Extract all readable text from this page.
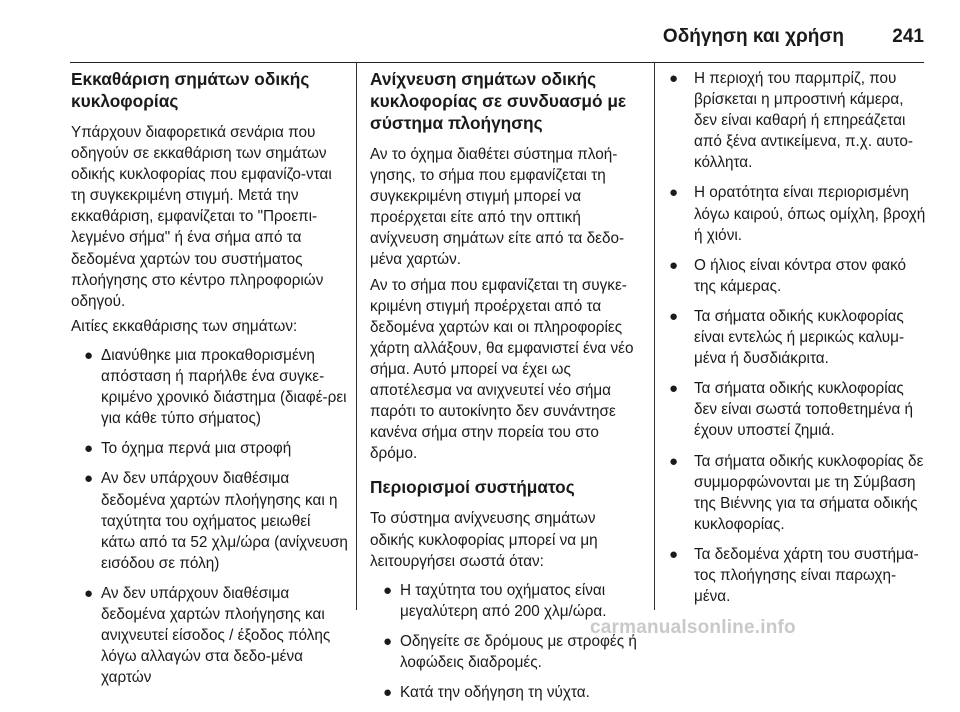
Οδήγηση και χρήση	241
Εκκαθάριση σημάτων οδικής κυκλοφορίας

Υπάρχουν διαφορετικά σενάρια που οδηγούν σε εκκαθάριση των σημάτων οδικής κυκλοφορίας που εμφανίζο-νται τη συγκεκριμένη στιγμή. Μετά την εκκαθάριση, εμφανίζεται το "Προεπι-λεγμένο σήμα" ή ένα σήμα από τα δεδομένα χαρτών του συστήματος πλοήγησης στο κέντρο πληροφοριών οδηγού.

Αιτίες εκκαθάρισης των σημάτων:

● Διανύθηκε μια προκαθορισμένη απόσταση ή παρήλθε ένα συγκε-κριμένο χρονικό διάστημα (διαφέ-ρει για κάθε τύπο σήματος)
● Το όχημα περνά μια στροφή
● Αν δεν υπάρχουν διαθέσιμα δεδομένα χαρτών πλοήγησης και η ταχύτητα του οχήματος μειωθεί κάτω από τα 52 χλμ/ώρα (ανίχνευση εισόδου σε πόλη)
● Αν δεν υπάρχουν διαθέσιμα δεδομένα χαρτών πλοήγησης και ανιχνευτεί είσοδος / έξοδος πόλης λόγω αλλαγών στα δεδο-μένα χαρτών
Ανίχνευση σημάτων οδικής κυκλοφορίας σε συνδυασμό με σύστημα πλοήγησης

Αν το όχημα διαθέτει σύστημα πλοή-γησης, το σήμα που εμφανίζεται τη συγκεκριμένη στιγμή μπορεί να προέρχεται είτε από την οπτική ανίχνευση σημάτων είτε από τα δεδο-μένα χαρτών.

Αν το σήμα που εμφανίζεται τη συγκε-κριμένη στιγμή προέρχεται από τα δεδομένα χαρτών και οι πληροφορίες χάρτη αλλάξουν, θα εμφανιστεί ένα νέο σήμα. Αυτό μπορεί να έχει ως αποτέλεσμα να ανιχνευτεί νέο σήμα παρότι το αυτοκίνητο δεν συνάντησε κανένα σήμα στην πορεία του στο δρόμο.

Περιορισμοί συστήματος

Το σύστημα ανίχνευσης σημάτων οδικής κυκλοφορίας μπορεί να μη λειτουργήσει σωστά όταν:

● Η ταχύτητα του οχήματος είναι μεγαλύτερη από 200 χλμ/ώρα.
● Οδηγείτε σε δρόμους με στροφές ή λοφώδεις διαδρομές.
● Κατά την οδήγηση τη νύχτα.
● Η περιοχή του παρμπρίζ, που βρίσκεται η μπροστινή κάμερα, δεν είναι καθαρή ή επηρεάζεται από ξένα αντικείμενα, π.χ. αυτο-κόλλητα.
● Η ορατότητα είναι περιορισμένη λόγω καιρού, όπως ομίχλη, βροχή ή χιόνι.
● Ο ήλιος είναι κόντρα στον φακό της κάμερας.
● Τα σήματα οδικής κυκλοφορίας είναι εντελώς ή μερικώς καλυμ-μένα ή δυσδιάκριτα.
● Τα σήματα οδικής κυκλοφορίας δεν είναι σωστά τοποθετημένα ή έχουν υποστεί ζημιά.
● Τα σήματα οδικής κυκλοφορίας δε συμμορφώνονται με τη Σύμβαση της Βιέννης για τα σήματα οδικής κυκλοφορίας.
● Τα δεδομένα χάρτη του συστήμα-τος πλοήγησης είναι παρωχη-μένα.
carmanualsonline.info
